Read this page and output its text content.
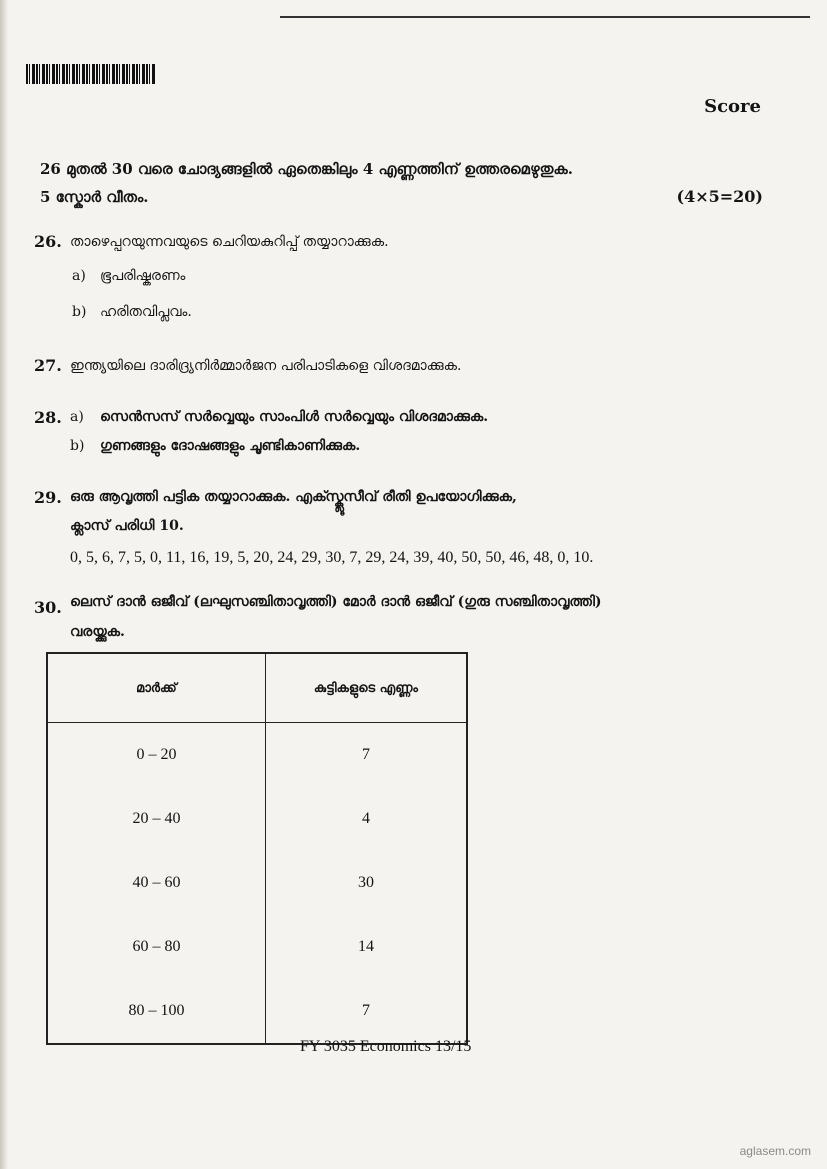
Score
26 മുതൽ 30 വരെ ചോദ്യങ്ങളിൽ ഏതെങ്കിലും 4 എണ്ണത്തിന് ഉത്തരമെഴുതുക.
5 സ്കോർ വീതം.	(4×5=20)
26. താഴെപ്പറയുന്നവയുടെ ചെറിയകുറിപ്പ് തയ്യാറാക്കുക.
a) ഭൂപരിഷ്കരണം
b) ഹരിതവിപ്ലവം.
27. ഇന്ത്യയിലെ ദാരിദ്ര്യനിർമ്മാർജന പരിപാടികളെ വിശദമാക്കുക.
28. a) സെൻസസ് സർവ്വെയും സാംപിൾ സർവ്വെയും വിശദമാക്കുക.
b) ഗുണങ്ങളും ദോഷങ്ങളും ചൂണ്ടികാണിക്കുക.
29. ഒരു ആവൃത്തി പട്ടിക തയ്യാറാക്കുക. എക്സ്ക്ലൂസീവ് രീതി ഉപയോഗിക്കുക,
ക്ലാസ് പരിധി 10.
0, 5, 6, 7, 5, 0, 11, 16, 19, 5, 20, 24, 29, 30, 7, 29, 24, 39, 40, 50, 50, 46, 48, 0, 10.
30. ലെസ് ദാൻ ഒജീവ് (ലഘുസഞ്ചിതാവൃത്തി) മോർ ദാൻ ഒജീവ് (ഗുരു സഞ്ചിതാവൃത്തി)
വരയ്ക്കുക.
മാർക്ക്	കുട്ടികളുടെ എണ്ണം
0 – 20	7
20 – 40	4
40 – 60	30
60 – 80	14
80 – 100	7
FY 3035 Economics 13/15
aglasem.com
